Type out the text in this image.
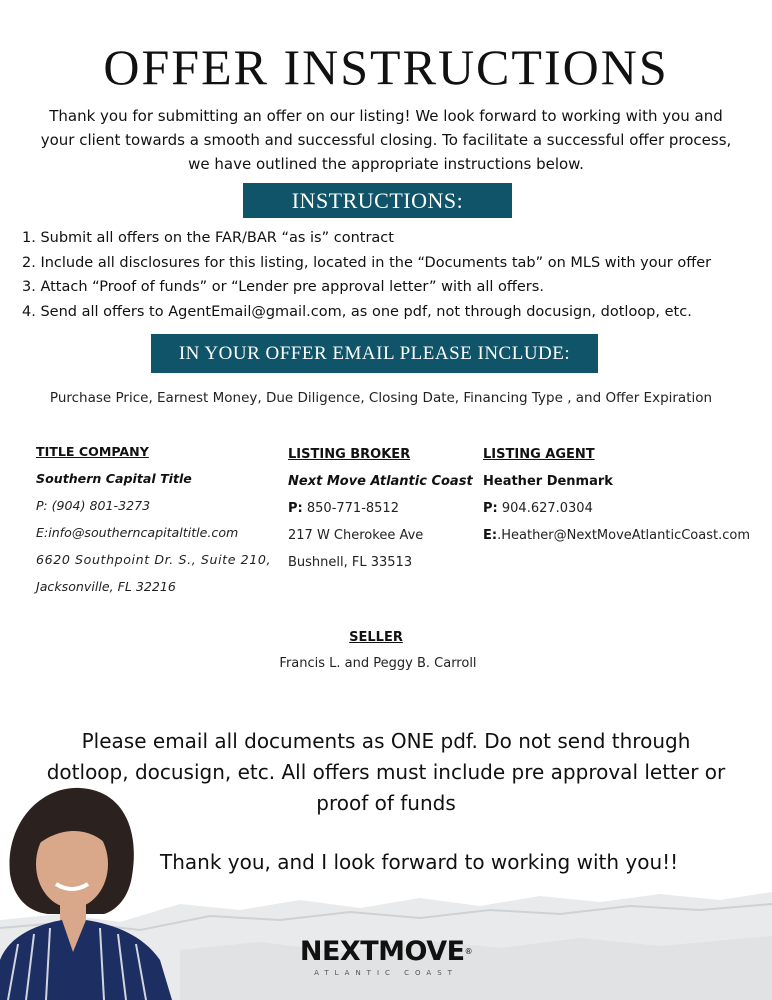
OFFER INSTRUCTIONS
Thank you for submitting an offer on our listing! We look forward to working with you and your client towards a smooth and successful closing. To facilitate a successful offer process, we have outlined the appropriate instructions below.
INSTRUCTIONS:
1. Submit all offers on the FAR/BAR “as is” contract
2. Include all disclosures for this listing, located in the “Documents tab” on MLS with your offer
3. Attach “Proof of funds” or “Lender pre approval letter” with all offers.
4. Send all offers to AgentEmail@gmail.com, as one pdf, not through docusign, dotloop, etc.
IN YOUR OFFER EMAIL PLEASE INCLUDE:
Purchase Price, Earnest Money, Due Diligence, Closing Date, Financing Type , and Offer Expiration
TITLE COMPANY
Southern Capital Title
P: (904) 801-3273
E:info@southerncapitaltitle.com
6620 Southpoint Dr. S., Suite 210,
Jacksonville, FL 32216
LISTING BROKER
Next Move Atlantic Coast
P: 850-771-8512
217 W Cherokee Ave
Bushnell, FL 33513
LISTING AGENT
Heather Denmark
P: 904.627.0304
E:.Heather@NextMoveAtlanticCoast.com
SELLER
Francis L. and Peggy B. Carroll
Please email all documents as ONE pdf. Do not send through dotloop, docusign, etc. All offers must include pre approval letter or proof of funds
Thank you, and I look forward to working with you!!
NEXTMOVE®
ATLANTIC COAST
